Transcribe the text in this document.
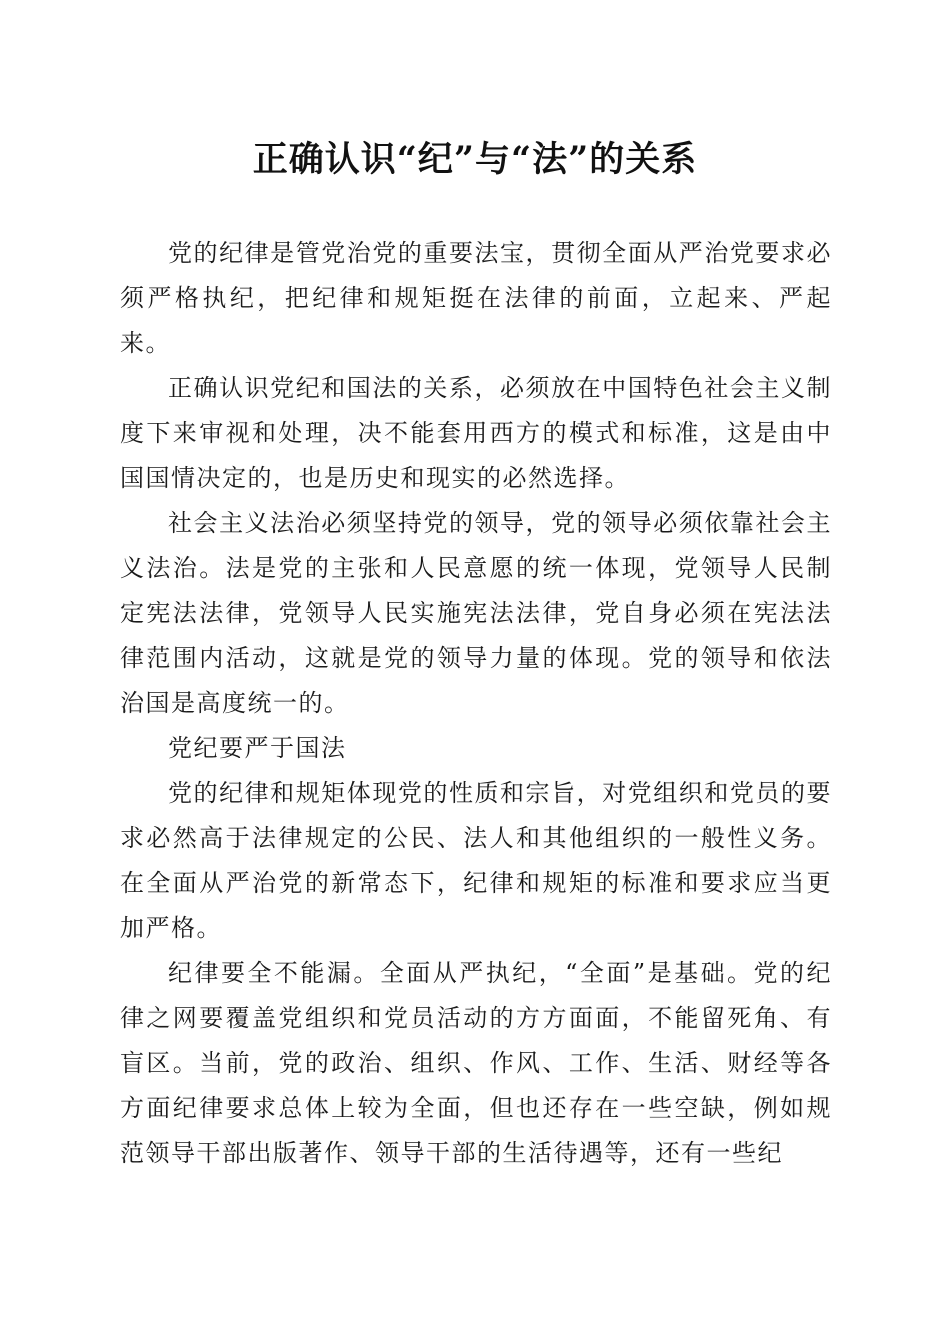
正确认识“纪”与“法”的关系

党的纪律是管党治党的重要法宝，贯彻全面从严治党要求必须严格执纪，把纪律和规矩挺在法律的前面，立起来、严起来。

正确认识党纪和国法的关系，必须放在中国特色社会主义制度下来审视和处理，决不能套用西方的模式和标准，这是由中国国情决定的，也是历史和现实的必然选择。

社会主义法治必须坚持党的领导，党的领导必须依靠社会主义法治。法是党的主张和人民意愿的统一体现，党领导人民制定宪法法律，党领导人民实施宪法法律，党自身必须在宪法法律范围内活动，这就是党的领导力量的体现。党的领导和依法治国是高度统一的。

党纪要严于国法

党的纪律和规矩体现党的性质和宗旨，对党组织和党员的要求必然高于法律规定的公民、法人和其他组织的一般性义务。在全面从严治党的新常态下，纪律和规矩的标准和要求应当更加严格。

纪律要全不能漏。全面从严执纪，“全面”是基础。党的纪律之网要覆盖党组织和党员活动的方方面面，不能留死角、有盲区。当前，党的政治、组织、作风、工作、生活、财经等各方面纪律要求总体上较为全面，但也还存在一些空缺，例如规范领导干部出版著作、领导干部的生活待遇等，还有一些纪
